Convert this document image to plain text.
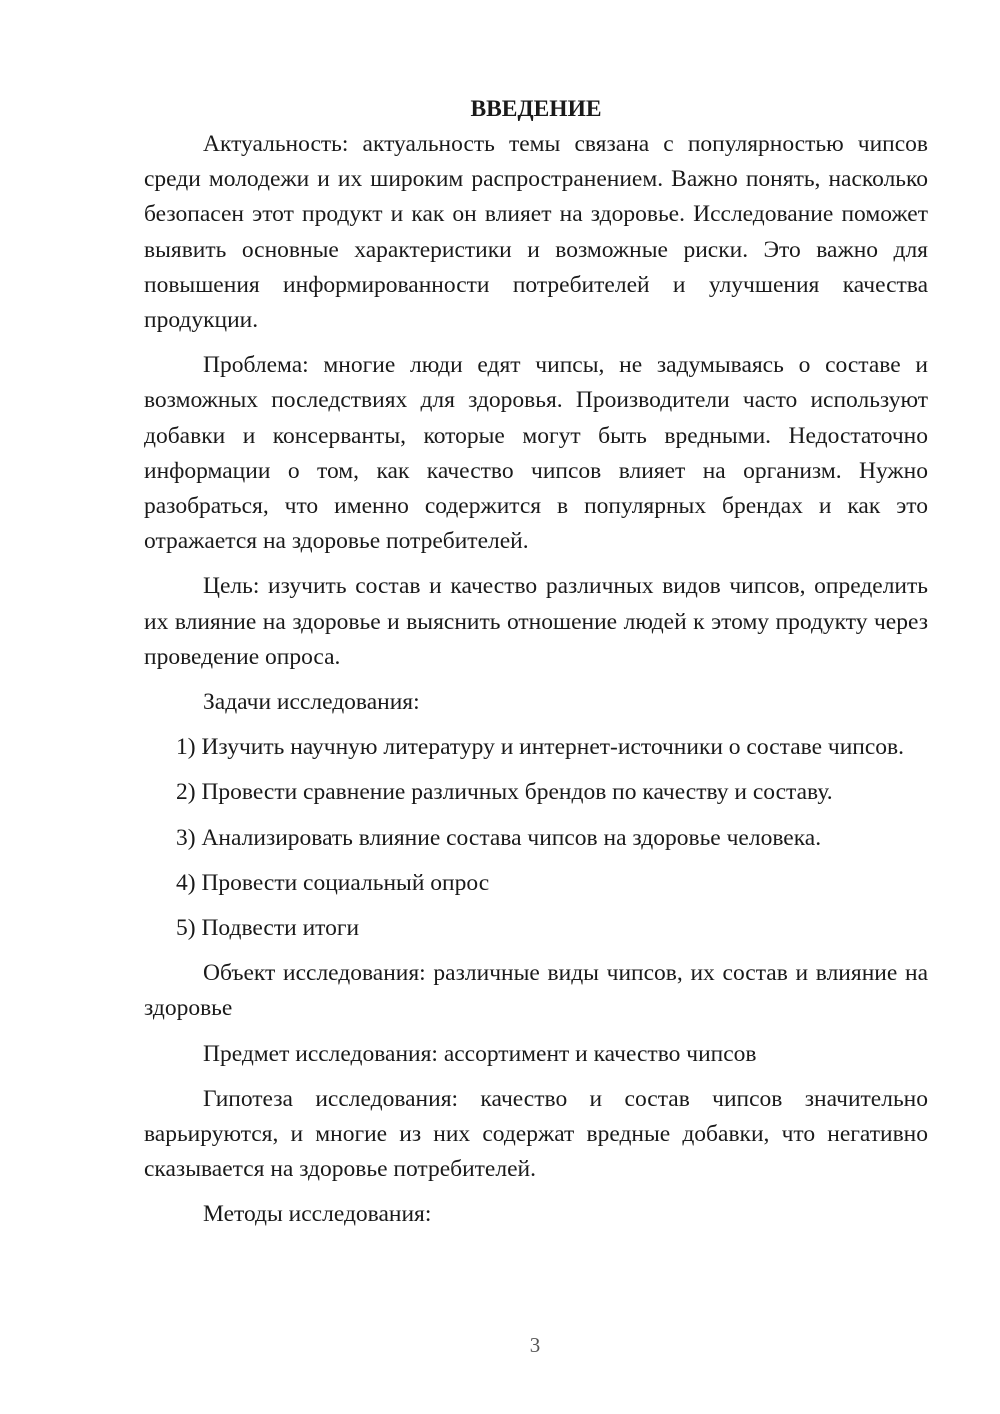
ВВЕДЕНИЕ

Актуальность: актуальность темы связана с популярностью чипсов среди молодежи и их широким распространением. Важно понять, насколько безопасен этот продукт и как он влияет на здоровье. Исследование поможет выявить основные характеристики и возможные риски. Это важно для повышения информированности потребителей и улучшения качества продукции.

Проблема: многие люди едят чипсы, не задумываясь о составе и возможных последствиях для здоровья. Производители часто используют добавки и консерванты, которые могут быть вредными. Недостаточно информации о том, как качество чипсов влияет на организм. Нужно разобраться, что именно содержится в популярных брендах и как это отражается на здоровье потребителей.

Цель: изучить состав и качество различных видов чипсов, определить их влияние на здоровье и выяснить отношение людей к этому продукту через проведение опроса.

Задачи исследования:

1) Изучить научную литературу и интернет-источники о составе чипсов.

2) Провести сравнение различных брендов по качеству и составу.

3) Анализировать влияние состава чипсов на здоровье человека.

4) Провести социальный опрос

5) Подвести итоги

Объект исследования: различные виды чипсов, их состав и влияние на здоровье

Предмет исследования: ассортимент и качество чипсов

Гипотеза исследования: качество и состав чипсов значительно варьируются, и многие из них содержат вредные добавки, что негативно сказывается на здоровье потребителей.

Методы исследования:

3
